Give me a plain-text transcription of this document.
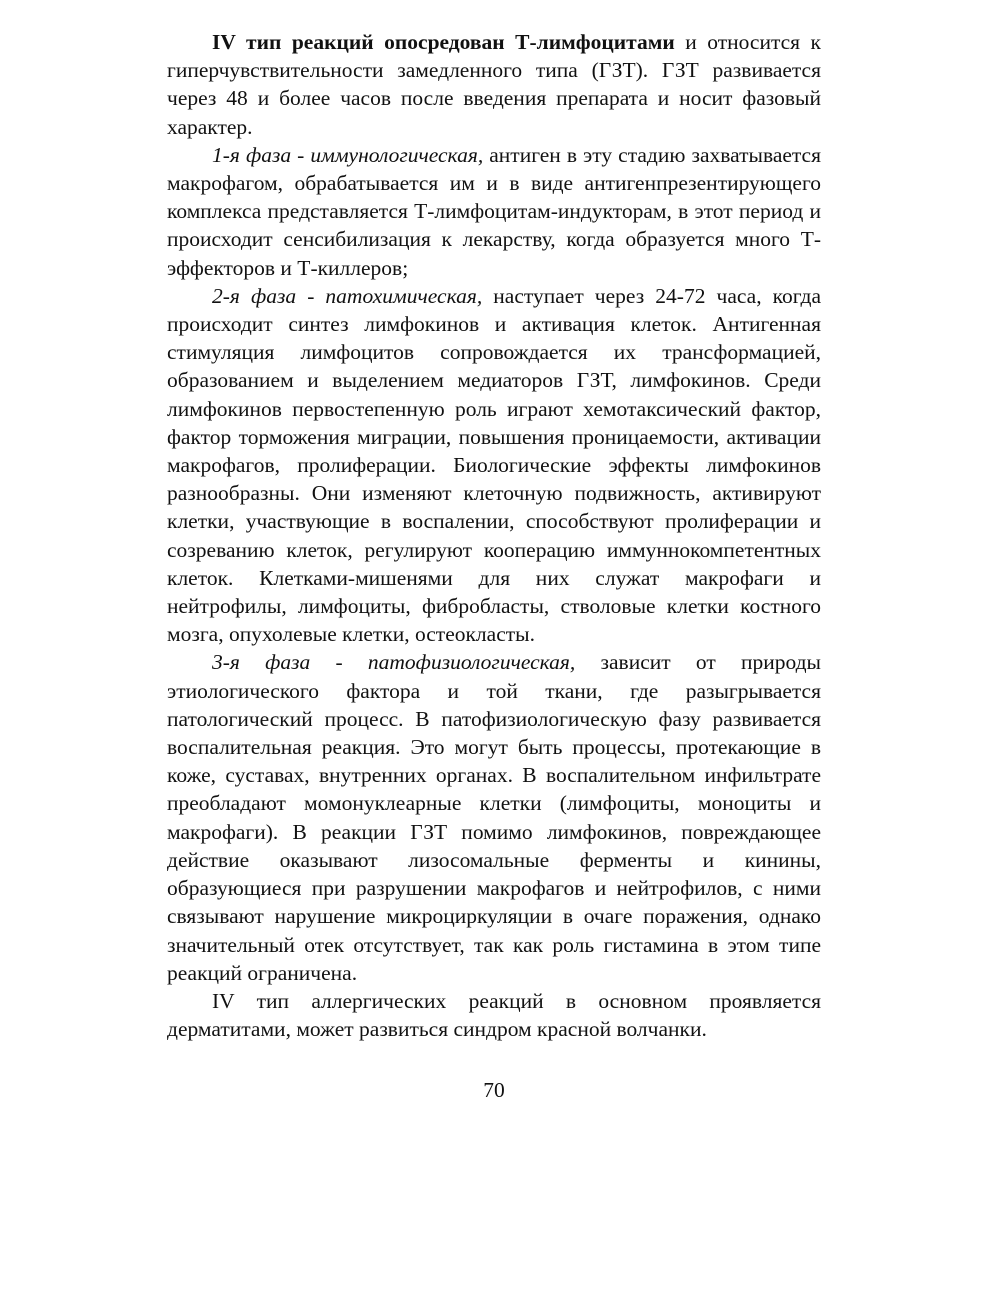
IV тип реакций опосредован Т-лимфоцитами и относится к гиперчувствительности замедленного типа (ГЗТ). ГЗТ развивается через 48 и более часов после введения препарата и носит фазовый характер.

1-я фаза - иммунологическая, антиген в эту стадию захватывается макрофагом, обрабатывается им и в виде антигенпрезентирующего комплекса представляется Т-лимфоцитам-индукторам, в этот период и происходит сенсибилизация к лекарству, когда образуется много Т-эффекторов и Т-киллеров;

2-я фаза - патохимическая, наступает через 24-72 часа, когда происходит синтез лимфокинов и активация клеток. Антигенная стимуляция лимфоцитов сопровождается их трансформацией, образованием и выделением медиаторов ГЗТ, лимфокинов. Среди лимфокинов первостепенную роль играют хемотаксический фактор, фактор торможения миграции, повышения проницаемости, активации макрофагов, пролиферации. Биологические эффекты лимфокинов разнообразны. Они изменяют клеточную подвижность, активируют клетки, участвующие в воспалении, способствуют пролиферации и созреванию клеток, регулируют кооперацию иммуннокомпетентных клеток. Клетками-мишенями для них служат макрофаги и нейтрофилы, лимфоциты, фибробласты, стволовые клетки костного мозга, опухолевые клетки, остеокласты.

3-я фаза - патофизиологическая, зависит от природы этиологического фактора и той ткани, где разыгрывается патологический процесс. В патофизиологическую фазу развивается воспалительная реакция. Это могут быть процессы, протекающие в коже, суставах, внутренних органах. В воспалительном инфильтрате преобладают момонуклеарные клетки (лимфоциты, моноциты и макрофаги). В реакции ГЗТ помимо лимфокинов, повреждающее действие оказывают лизосомальные ферменты и кинины, образующиеся при разрушении макрофагов и нейтрофилов, с ними связывают нарушение микроциркуляции в очаге поражения, однако значительный отек отсутствует, так как роль гистамина в этом типе реакций ограничена.

IV тип аллергических реакций в основном проявляется дерматитами, может развиться синдром красной волчанки.

70
